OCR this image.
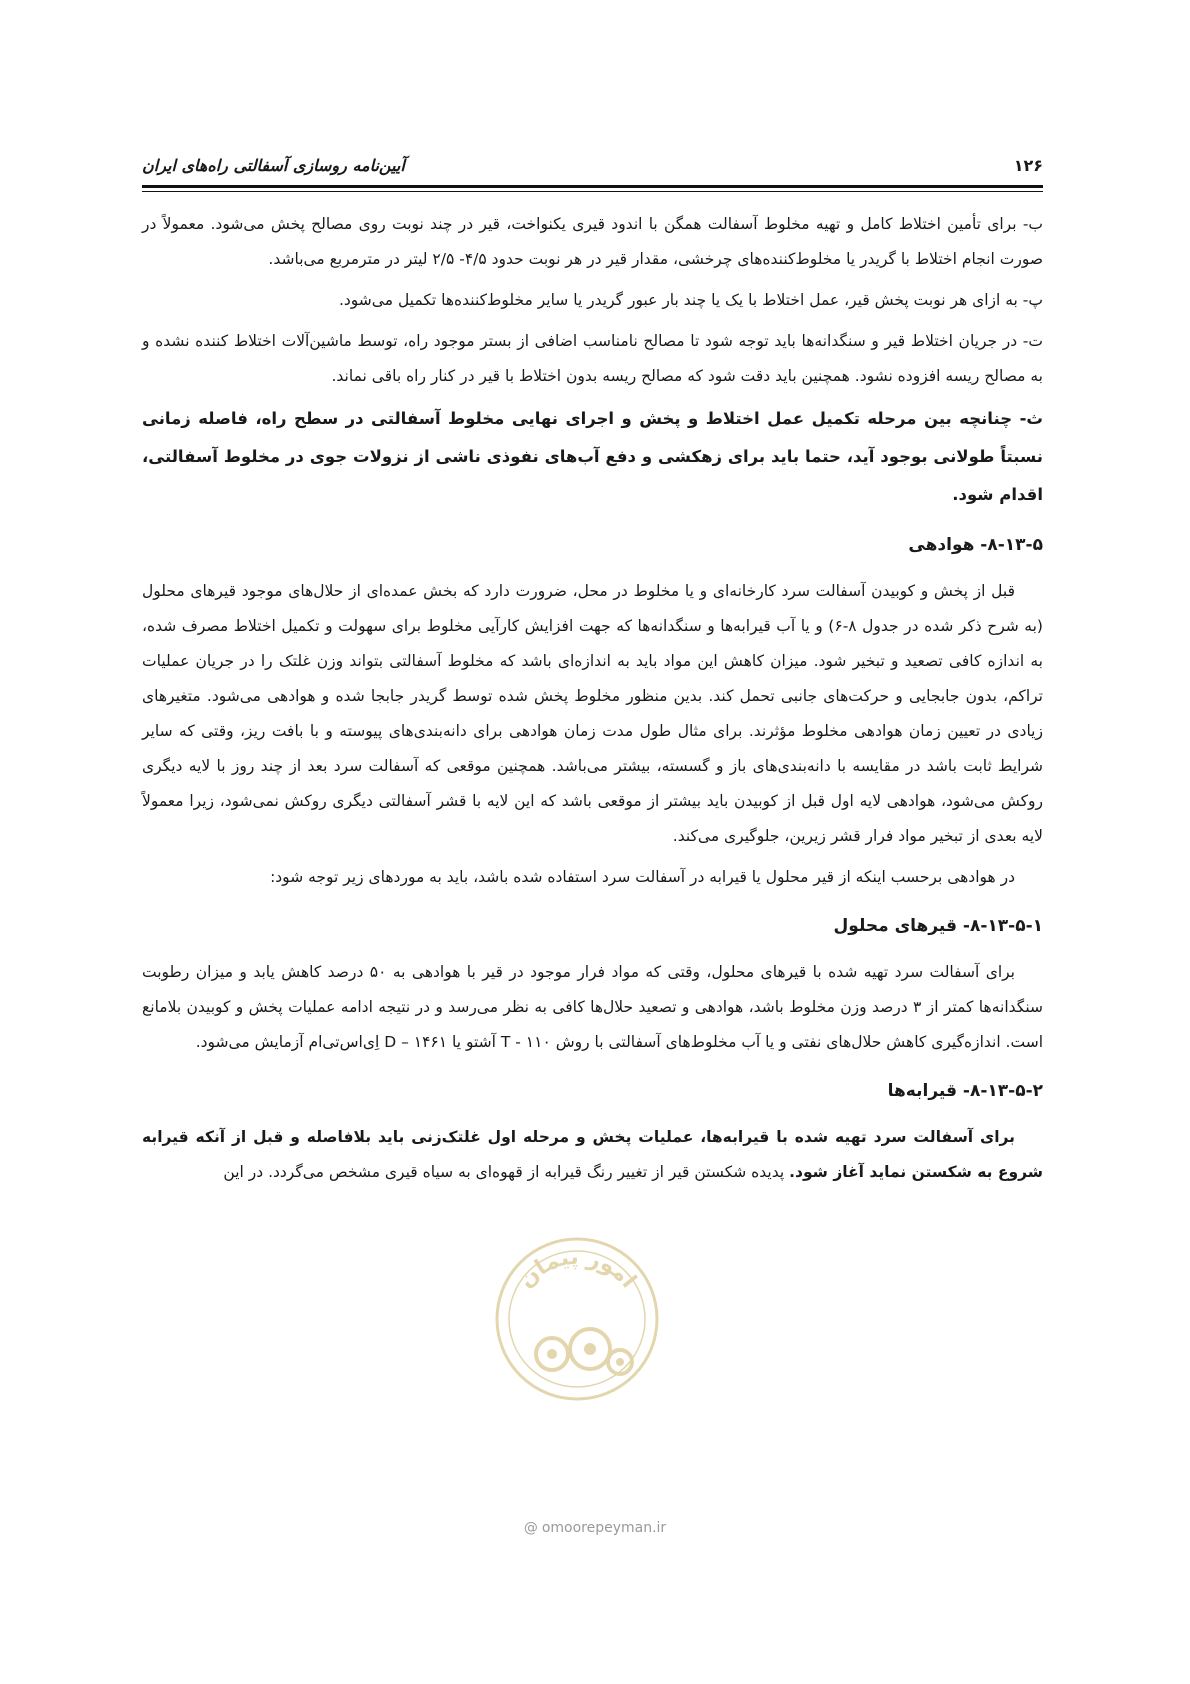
۱۲۶
آیین‌نامه روسازی آسفالتی راه‌های ایران

ب- برای تأمین اختلاط کامل و تهیه مخلوط آسفالت همگن با اندود قیری یکنواخت، قیر در چند نوبت روی مصالح پخش می‌شود. معمولاً در صورت انجام اختلاط با گریدر یا مخلوط‌کننده‌های چرخشی، مقدار قیر در هر نوبت حدود ۴/۵- ۲/۵ لیتر در مترمربع می‌باشد.

پ- به ازای هر نوبت پخش قیر، عمل اختلاط با یک یا چند بار عبور گریدر یا سایر مخلوط‌کننده‌ها تکمیل می‌شود.

ت- در جریان اختلاط قیر و سنگدانه‌ها باید توجه شود تا مصالح نامناسب اضافی از بستر موجود راه، توسط ماشین‌آلات اختلاط کننده نشده و به مصالح ریسه افزوده نشود. همچنین باید دقت شود که مصالح ریسه بدون اختلاط با قیر در کنار راه باقی نماند.

ث- چنانچه بین مرحله تکمیل عمل اختلاط و پخش و اجرای نهایی مخلوط آسفالتی در سطح راه، فاصله زمانی نسبتاً طولانی بوجود آید، حتما باید برای زهکشی و دفع آب‌های نفوذی ناشی از نزولات جوی در مخلوط آسفالتی، اقدام شود.

۸-۱۳-۵- هوادهی

قبل از پخش و کوبیدن آسفالت سرد کارخانه‌ای و یا مخلوط در محل، ضرورت دارد که بخش عمده‌ای از حلال‌های موجود قیرهای محلول (به شرح ذکر شده در جدول ۸-۶) و یا آب قیرابه‌ها و سنگدانه‌ها که جهت افزایش کارآیی مخلوط برای سهولت و تکمیل اختلاط مصرف شده، به اندازه کافی تصعید و تبخیر شود. میزان کاهش این مواد باید به اندازه‌ای باشد که مخلوط آسفالتی بتواند وزن غلتک را در جریان عملیات تراکم، بدون جابجایی و حرکت‌های جانبی تحمل کند. بدین منظور مخلوط پخش شده توسط گریدر جابجا شده و هوادهی می‌شود. متغیرهای زیادی در تعیین زمان هوادهی مخلوط مؤثرند. برای مثال طول مدت زمان هوادهی برای دانه‌بندی‌های پیوسته و با بافت ریز، وقتی که سایر شرایط ثابت باشد در مقایسه با دانه‌بندی‌های باز و گسسته، بیشتر می‌باشد. همچنین موقعی که آسفالت سرد بعد از چند روز با لایه دیگری روکش می‌شود، هوادهی لایه اول قبل از کوبیدن باید بیشتر از موقعی باشد که این لایه با قشر آسفالتی دیگری روکش نمی‌شود، زیرا معمولاً لایه بعدی از تبخیر مواد فرار قشر زیرین، جلوگیری می‌کند.

در هوادهی برحسب اینکه از قیر محلول یا قیرابه در آسفالت سرد استفاده شده باشد، باید به موردهای زیر توجه شود:

۸-۱۳-۵-۱- قیرهای محلول

برای آسفالت سرد تهیه شده با قیرهای محلول، وقتی که مواد فرار موجود در قیر با هوادهی به ۵۰ درصد کاهش یابد و میزان رطوبت سنگدانه‌ها کمتر از ۳ درصد وزن مخلوط باشد، هوادهی و تصعید حلال‌ها کافی به نظر می‌رسد و در نتیجه ادامه عملیات پخش و کوبیدن بلامانع است. اندازه‌گیری کاهش حلال‌های نفتی و یا آب مخلوط‌های آسفالتی با روش ۱۱۰ - T آشتو یا ۱۴۶۱ – D اِی‌اس‌تی‌ام آزمایش می‌شود.

۸-۱۳-۵-۲- قیرابه‌ها

برای آسفالت سرد تهیه شده با قیرابه‌ها، عملیات پخش و مرحله اول غلتک‌زنی باید بلافاصله و قبل از آنکه قیرابه شروع به شکستن نماید آغاز شود. پدیده شکستن قیر از تغییر رنگ قیرابه از قهوه‌ای به سیاه قیری مشخص می‌گردد. در این

امور پیمان
@ omoorepeyman.ir
